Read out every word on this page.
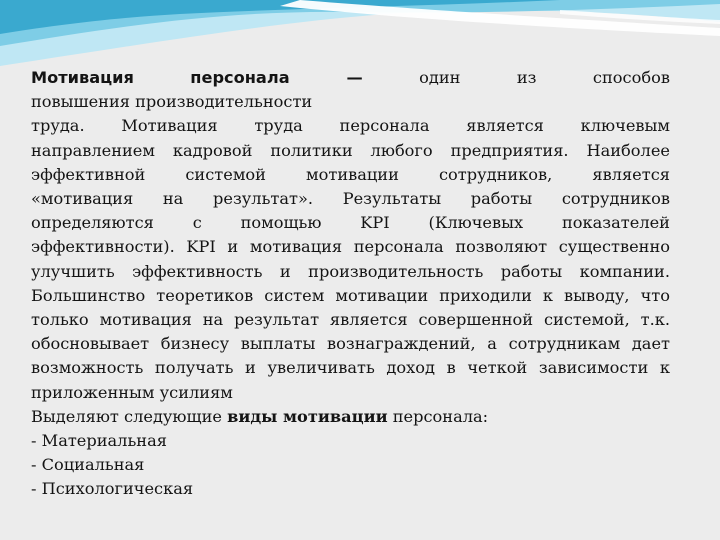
Мотивация	персонала —	один	из	способов
повышения производительности
труда. Мотивация труда персонала является ключевым
направлением кадровой политики любого предприятия. Наиболее
эффективной системой мотивации сотрудников, является
«мотивация на результат». Результаты работы сотрудников
определяются с помощью KPI (Ключевых показателей
эффективности). KPI и мотивация персонала позволяют существенно
улучшить эффективность и производительность работы компании.
Большинство теоретиков систем мотивации приходили к выводу, что
только мотивация на результат является совершенной системой, т.к.
обосновывает бизнесу выплаты вознаграждений, а сотрудникам дает
возможность получать и увеличивать доход в четкой зависимости к
приложенным усилиям
Выделяют следующие виды мотивации персонала:
- Материальная
- Социальная
- Психологическая
